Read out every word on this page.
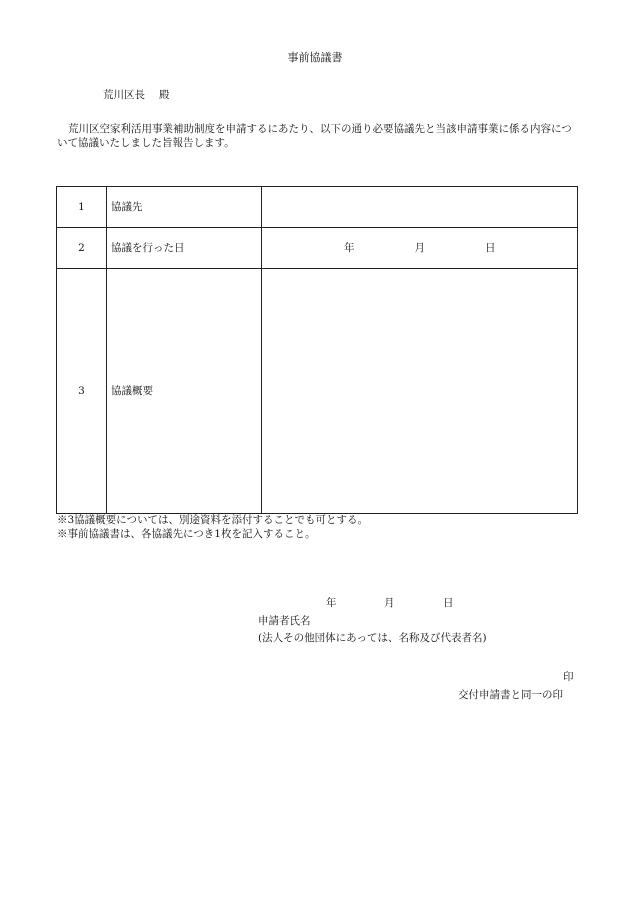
事前協議書
荒川区長 殿
荒川区空家利活用事業補助制度を申請するにあたり、以下の通り必要協議先と当該申請事業に係る内容について協議いたしました旨報告します。
1	協議先	
2	協議を行った日	年 月 日
3	協議概要	
※3協議概要については、別途資料を添付することでも可とする。
※事前協議書は、各協議先につき1枚を記入すること。
年	月	日
申請者氏名
(法人その他団体にあっては、名称及び代表者名)
印
交付申請書と同一の印
